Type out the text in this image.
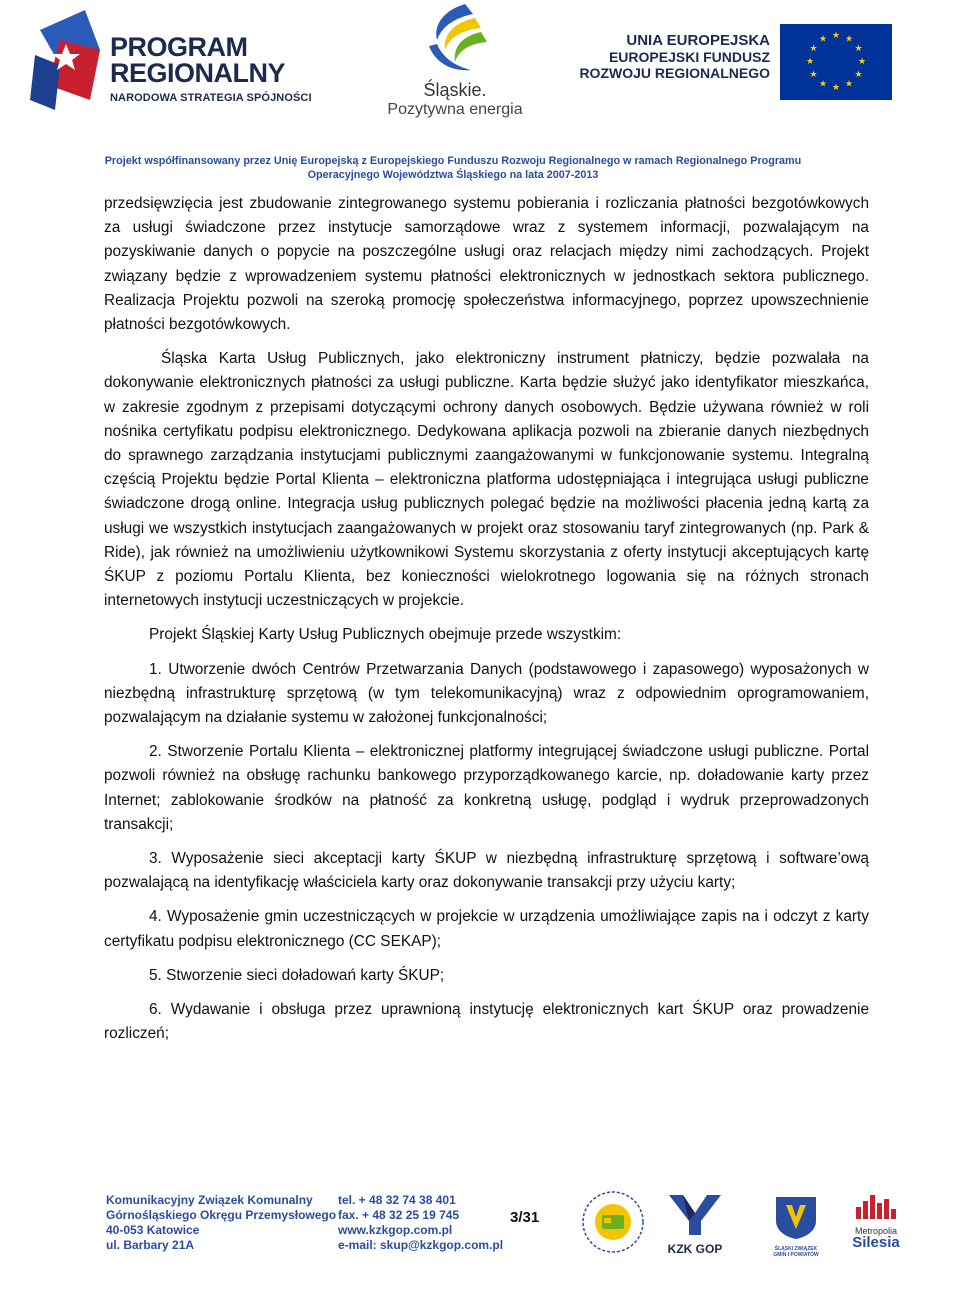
PROGRAM
REGIONALNY
NARODOWA STRATEGIA SPÓJNOŚCI	Śląskie.
Pozytywna energia
UNIA EUROPEJSKA
EUROPEJSKI FUNDUSZ
ROZWOJU REGIONALNEGO
★ ★
★
★
★
★
★
★
★
★
★
★
Projekt współfinansowany przez Unię Europejską z Europejskiego Funduszu Rozwoju Regionalnego w ramach Regionalnego Programu
Operacyjnego Województwa Śląskiego na lata 2007-2013

przedsięwzięcia jest zbudowanie zintegrowanego systemu pobierania i rozliczania płatności bezgotówkowych za usługi świadczone przez instytucje samorządowe wraz z systemem informacji, pozwalającym na pozyskiwanie danych o popycie na poszczególne usługi oraz relacjach między nimi zachodzących. Projekt związany będzie z wprowadzeniem systemu płatności elektronicznych w jednostkach sektora publicznego. Realizacja Projektu pozwoli na szeroką promocję społeczeństwa informacyjnego, poprzez upowszechnienie płatności bezgotówkowych.

Śląska Karta Usług Publicznych, jako elektroniczny instrument płatniczy, będzie pozwalała na dokonywanie elektronicznych płatności za usługi publiczne. Karta będzie służyć jako identyfikator mieszkańca, w zakresie zgodnym z przepisami dotyczącymi ochrony danych osobowych. Będzie używana również w roli nośnika certyfikatu podpisu elektronicznego. Dedykowana aplikacja pozwoli na zbieranie danych niezbędnych do sprawnego zarządzania instytucjami publicznymi zaangażowanymi w funkcjonowanie systemu. Integralną częścią Projektu będzie Portal Klienta – elektroniczna platforma udostępniająca i integrująca usługi publiczne świadczone drogą online. Integracja usług publicznych polegać będzie na możliwości płacenia jedną kartą za usługi we wszystkich instytucjach zaangażowanych w projekt oraz stosowaniu taryf zintegrowanych (np. Park & Ride), jak również na umożliwieniu użytkownikowi Systemu skorzystania z oferty instytucji akceptujących kartę ŚKUP z poziomu Portalu Klienta, bez konieczności wielokrotnego logowania się na różnych stronach internetowych instytucji uczestniczących w projekcie.

Projekt Śląskiej Karty Usług Publicznych obejmuje przede wszystkim:

1. Utworzenie dwóch Centrów Przetwarzania Danych (podstawowego i zapasowego) wyposażonych w niezbędną infrastrukturę sprzętową (w tym telekomunikacyjną) wraz z odpowiednim oprogramowaniem, pozwalającym na działanie systemu w założonej funkcjonalności;

2. Stworzenie Portalu Klienta – elektronicznej platformy integrującej świadczone usługi publiczne. Portal pozwoli również na obsługę rachunku bankowego przyporządkowanego karcie, np. doładowanie karty przez Internet; zablokowanie środków na płatność za konkretną usługę, podgląd i wydruk przeprowadzonych transakcji;

3. Wyposażenie sieci akceptacji karty ŚKUP w niezbędną infrastrukturę sprzętową i software’ową pozwalającą na identyfikację właściciela karty oraz dokonywanie transakcji przy użyciu karty;

4. Wyposażenie gmin uczestniczących w projekcie w urządzenia umożliwiające zapis na i odczyt z karty certyfikatu podpisu elektronicznego (CC SEKAP);

5. Stworzenie sieci doładowań karty ŚKUP;

6. Wydawanie i obsługa przez uprawnioną instytucję elektronicznych kart ŚKUP oraz prowadzenie rozliczeń;

Komunikacyjny Związek Komunalny
Górnośląskiego Okręgu Przemysłowego
40-053 Katowice
ul. Barbary 21A
tel. + 48 32 74 38 401
fax. + 48 32 25 19 745
www.kzkgop.com.pl
e-mail: skup@kzkgop.com.pl
3/31
KZK GOP	ŚLĄSKI ZWIĄZEK GMIN I POWIATÓW
Metropolia
Silesia
